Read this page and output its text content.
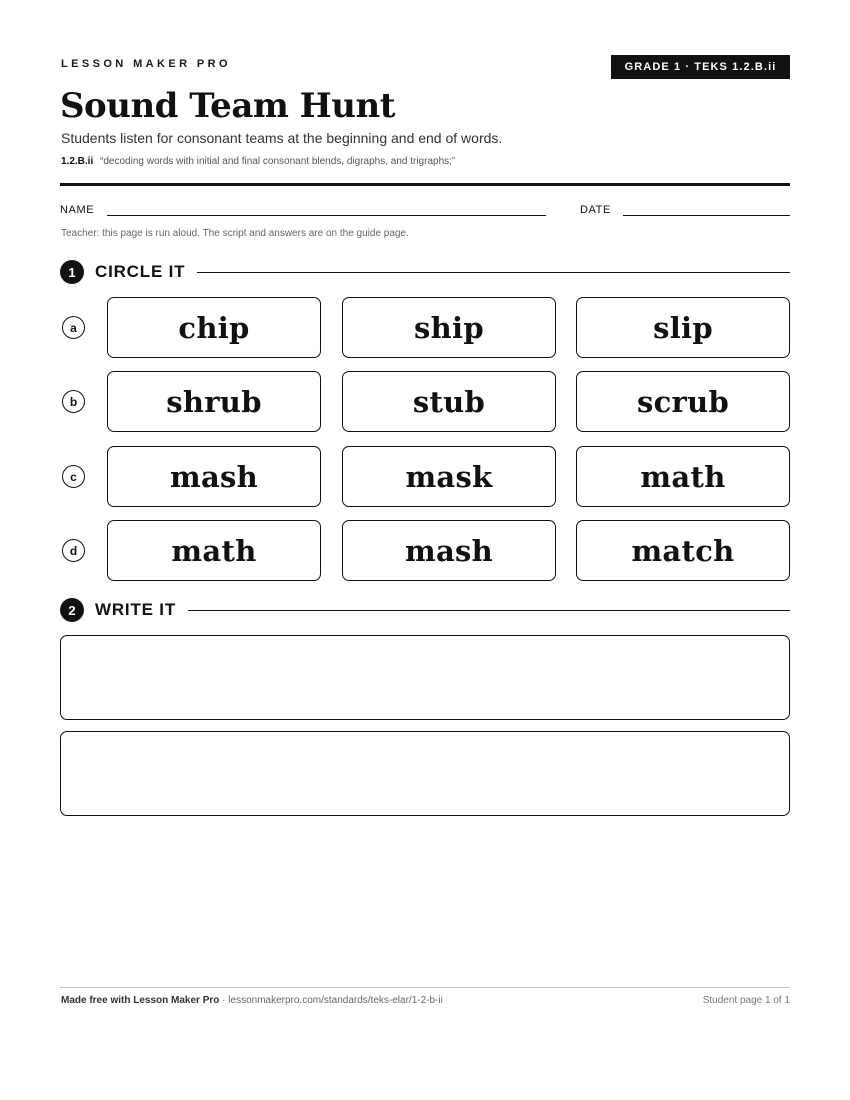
LESSON MAKER PRO	GRADE 1 · TEKS 1.2.B.ii
Sound Team Hunt
Students listen for consonant teams at the beginning and end of words.
1.2.B.ii “decoding words with initial and final consonant blends, digraphs, and trigraphs;”
NAME	DATE
Teacher: this page is run aloud. The script and answers are on the guide page.
1	CIRCLE IT
a	chip	ship	slip
b	shrub	stub	scrub
c	mash	mask	math
d	math	mash	match
2	WRITE IT
Made free with Lesson Maker Pro · lessonmakerpro.com/standards/teks-elar/1-2-b-ii	Student page 1 of 1
